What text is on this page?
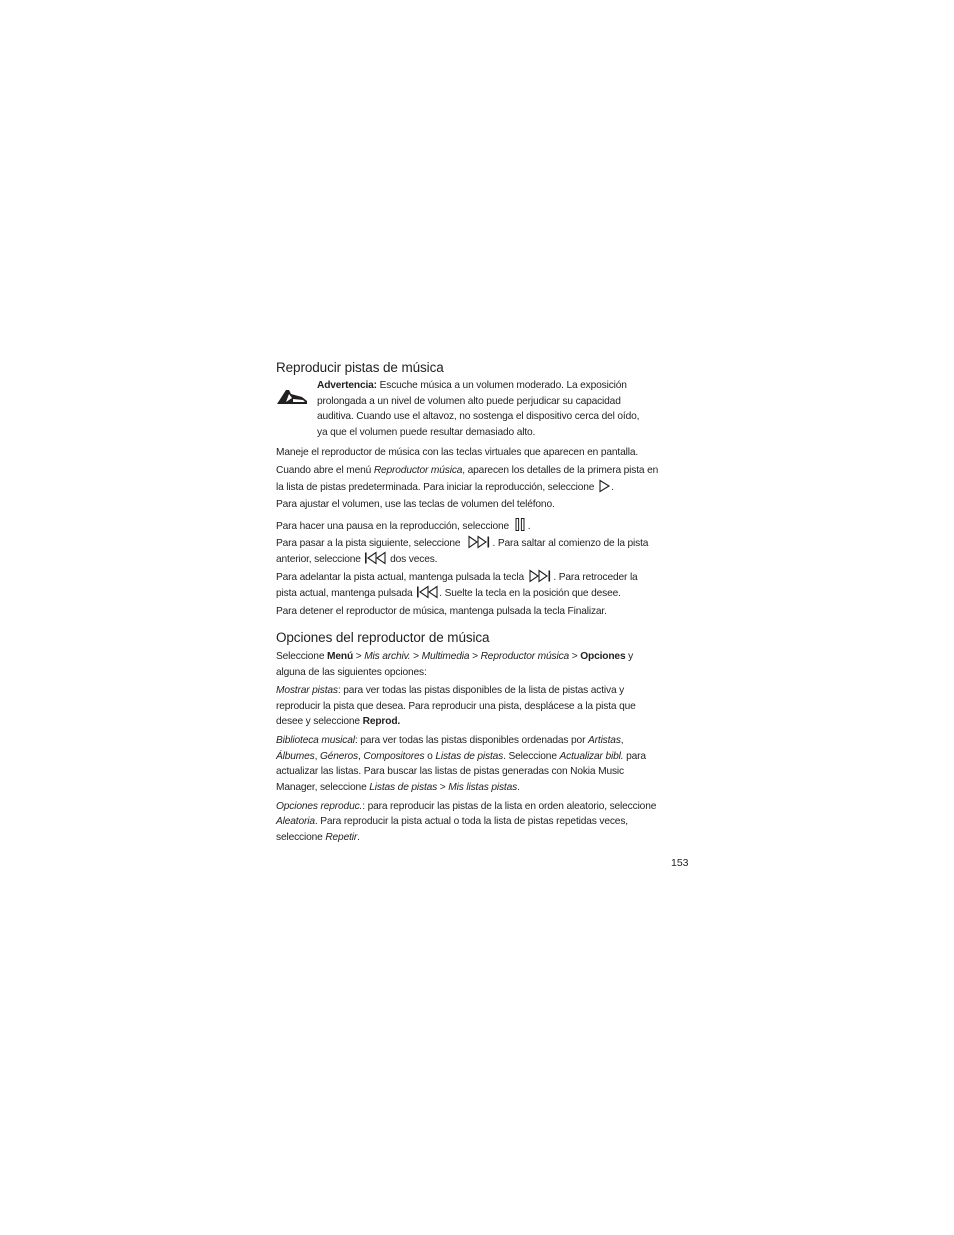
Reproducir pistas de música

Advertencia: Escuche música a un volumen moderado. La exposición

prolongada a un nivel de volumen alto puede perjudicar su capacidad

auditiva. Cuando use el altavoz, no sostenga el dispositivo cerca del oído,

ya que el volumen puede resultar demasiado alto.

Maneje el reproductor de música con las teclas virtuales que aparecen en pantalla.

Cuando abre el menú Reproductor música, aparecen los detalles de la primera pista en

la lista de pistas predeterminada. Para iniciar la reproducción, seleccione .

Para ajustar el volumen, use las teclas de volumen del teléfono.

Para hacer una pausa en la reproducción, seleccione .

Para pasar a la pista siguiente, seleccione	. Para saltar al comienzo de la pista

anterior, seleccione  dos veces.

Para adelantar la pista actual, mantenga pulsada la tecla	. Para retroceder la

pista actual, mantenga pulsada . Suelte la tecla en la posición que desee.

Para detener el reproductor de música, mantenga pulsada la tecla Finalizar.

Opciones del reproductor de música

Seleccione Menú > Mis archiv. > Multimedia > Reproductor música > Opciones y

alguna de las siguientes opciones:

Mostrar pistas: para ver todas las pistas disponibles de la lista de pistas activa y

reproducir la pista que desea. Para reproducir una pista, desplácese a la pista que

desee y seleccione Reprod.

Biblioteca musical: para ver todas las pistas disponibles ordenadas por Artistas,

Álbumes, Géneros, Compositores o Listas de pistas. Seleccione Actualizar bibl. para

actualizar las listas. Para buscar las listas de pistas generadas con Nokia Music

Manager, seleccione Listas de pistas > Mis listas pistas.

Opciones reproduc.: para reproducir las pistas de la lista en orden aleatorio, seleccione

Aleatoria. Para reproducir la pista actual o toda la lista de pistas repetidas veces,

seleccione Repetir.

153
